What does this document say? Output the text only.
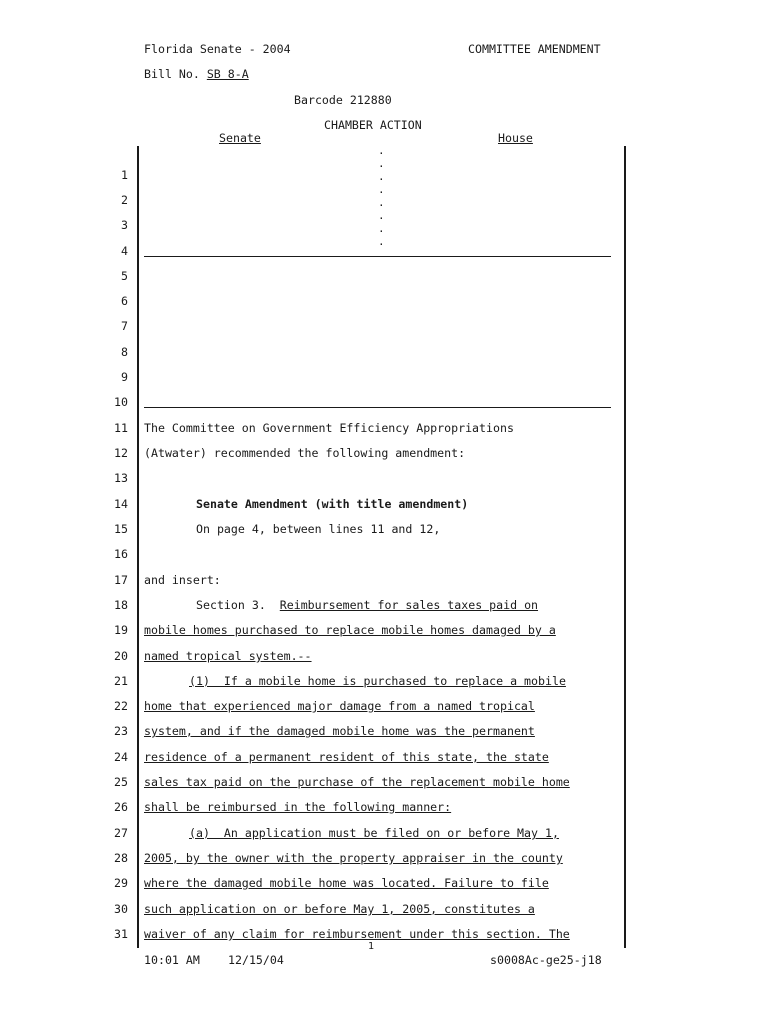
Florida Senate - 2004	COMMITTEE AMENDMENT
Bill No. SB 8-A
Barcode 212880
CHAMBER ACTION
Senate	House
.
.
.
.
.
.
.
.
1
2
3
4
5
6
7
8
9
10
11
12
13
14
15
16
17
18
19
20
21
22
23
24
25
26
27
28
29
30
31
The Committee on Government Efficiency Appropriations
(Atwater) recommended the following amendment:
Senate Amendment (with title amendment)
On page 4, between lines 11 and 12,
and insert:
Section 3.  Reimbursement for sales taxes paid on
mobile homes purchased to replace mobile homes damaged by a
named tropical system.--
(1)  If a mobile home is purchased to replace a mobile
home that experienced major damage from a named tropical
system, and if the damaged mobile home was the permanent
residence of a permanent resident of this state, the state
sales tax paid on the purchase of the replacement mobile home
shall be reimbursed in the following manner:
(a)  An application must be filed on or before May 1,
2005, by the owner with the property appraiser in the county
where the damaged mobile home was located. Failure to file
such application on or before May 1, 2005, constitutes a
waiver of any claim for reimbursement under this section. The
1
10:01 AM 12/15/04	s0008Ac-ge25-j18
